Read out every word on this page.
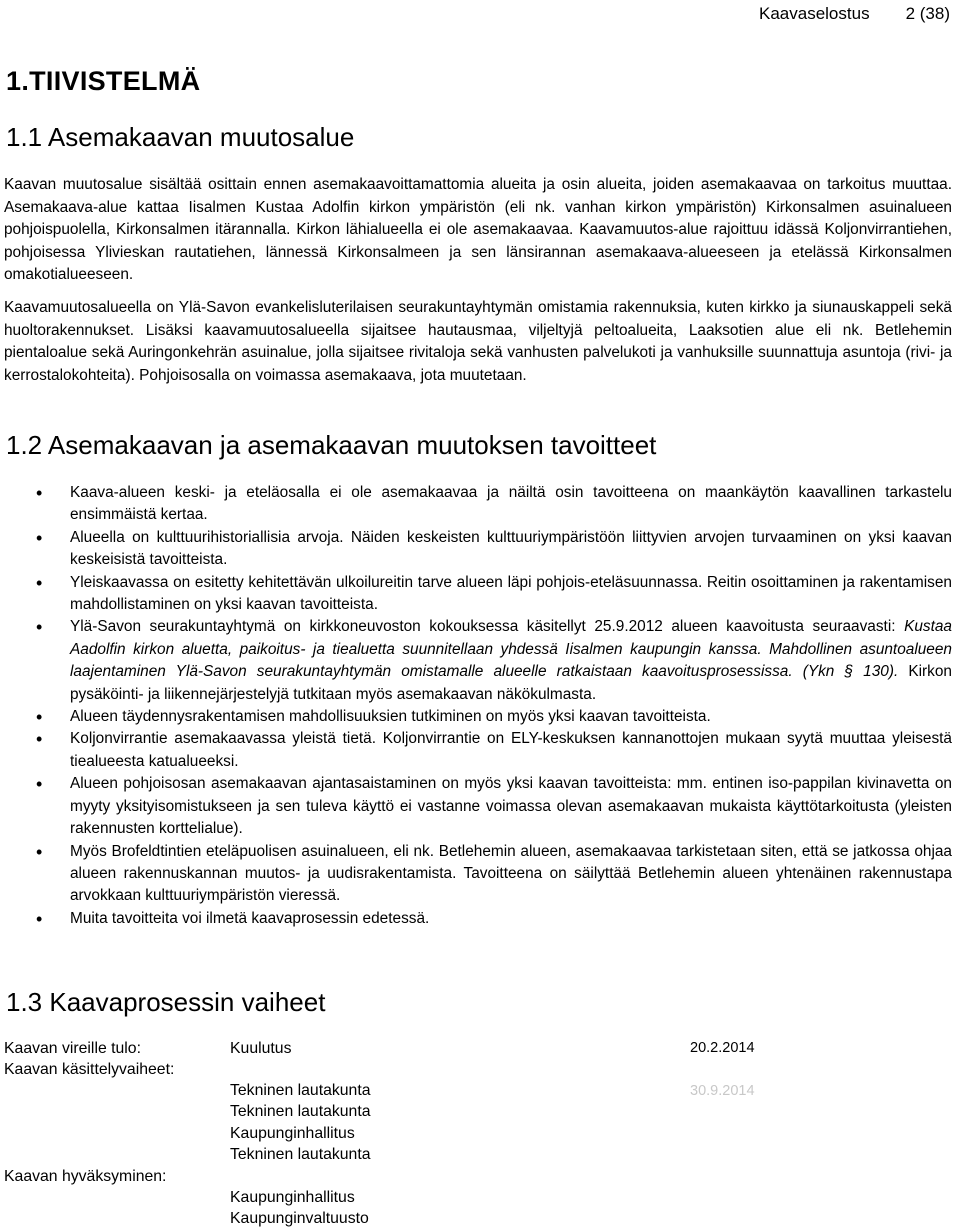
Kaavaselostus 2 (38)
1.TIIVISTELMÄ
1.1 Asemakaavan muutosalue

Kaavan muutosalue sisältää osittain ennen asemakaavoittamattomia alueita ja osin alueita, joiden asemakaavaa on tarkoitus muuttaa. Asemakaava-alue kattaa Iisalmen Kustaa Adolfin kirkon ympäristön (eli nk. vanhan kirkon ympäristön) Kirkonsalmen asuinalueen pohjoispuolella, Kirkonsalmen itärannalla. Kirkon lähialueella ei ole asemakaavaa. Kaavamuutos-alue rajoittuu idässä Koljonvirrantiehen, pohjoisessa Ylivieskan rautatiehen, lännessä Kirkonsalmeen ja sen länsirannan asemakaava-alueeseen ja etelässä Kirkonsalmen omakotialueeseen.

Kaavamuutosalueella on Ylä-Savon evankelisluterilaisen seurakuntayhtymän omistamia rakennuksia, kuten kirkko ja siunauskappeli sekä huoltorakennukset. Lisäksi kaavamuutosalueella sijaitsee hautausmaa, viljeltyjä peltoalueita, Laaksotien alue eli nk. Betlehemin pientaloalue sekä Auringonkehrän asuinalue, jolla sijaitsee rivitaloja sekä vanhusten palvelukoti ja vanhuksille suunnattuja asuntoja (rivi- ja kerrostalokohteita). Pohjoisosalla on voimassa asemakaava, jota muutetaan.

1.2 Asemakaavan ja asemakaavan muutoksen tavoitteet
• Kaava-alueen keski- ja eteläosalla ei ole asemakaavaa ja näiltä osin tavoitteena on maankäytön kaavallinen tarkastelu ensimmäistä kertaa.
• Alueella on kulttuurihistoriallisia arvoja. Näiden keskeisten kulttuuriympäristöön liittyvien arvojen turvaaminen on yksi kaavan keskeisistä tavoitteista.
• Yleiskaavassa on esitetty kehitettävän ulkoilureitin tarve alueen läpi pohjois-eteläsuunnassa. Reitin osoittaminen ja rakentamisen mahdollistaminen on yksi kaavan tavoitteista.
• Ylä-Savon seurakuntayhtymä on kirkkoneuvoston kokouksessa käsitellyt 25.9.2012 alueen kaavoitusta seuraavasti: Kustaa Aadolfin kirkon aluetta, paikoitus- ja tiealuetta suunnitellaan yhdessä Iisalmen kaupungin kanssa. Mahdollinen asuntoalueen laajentaminen Ylä-Savon seurakuntayhtymän omistamalle alueelle ratkaistaan kaavoitusprosessissa. (Ykn § 130). Kirkon pysäköinti- ja liikennejärjestelyjä tutkitaan myös asemakaavan näkökulmasta.
• Alueen täydennysrakentamisen mahdollisuuksien tutkiminen on myös yksi kaavan tavoitteista.
• Koljonvirrantie asemakaavassa yleistä tietä. Koljonvirrantie on ELY-keskuksen kannanottojen mukaan syytä muuttaa yleisestä tiealueesta katualueeksi.
• Alueen pohjoisosan asemakaavan ajantasaistaminen on myös yksi kaavan tavoitteista: mm. entinen iso-pappilan kivinavetta on myyty yksityisomistukseen ja sen tuleva käyttö ei vastanne voimassa olevan asemakaavan mukaista käyttötarkoitusta (yleisten rakennusten korttelialue).
• Myös Brofeldtintien eteläpuolisen asuinalueen, eli nk. Betlehemin alueen, asemakaavaa tarkistetaan siten, että se jatkossa ohjaa alueen rakennuskannan muutos- ja uudisrakentamista. Tavoitteena on säilyttää Betlehemin alueen yhtenäinen rakennustapa arvokkaan kulttuuriympäristön vieressä.
• Muita tavoitteita voi ilmetä kaavaprosessin edetessä.
1.3 Kaavaprosessin vaiheet
Kaavan vireille tulo:
Kaavan käsittelyvaiheet:
Kaavan hyväksyminen:
Kuulutus	20.2.2014
Tekninen lautakunta	30.9.2014
Tekninen lautakunta
Kaupunginhallitus
Tekninen lautakunta
Kaupunginhallitus
Kaupunginvaltuusto
